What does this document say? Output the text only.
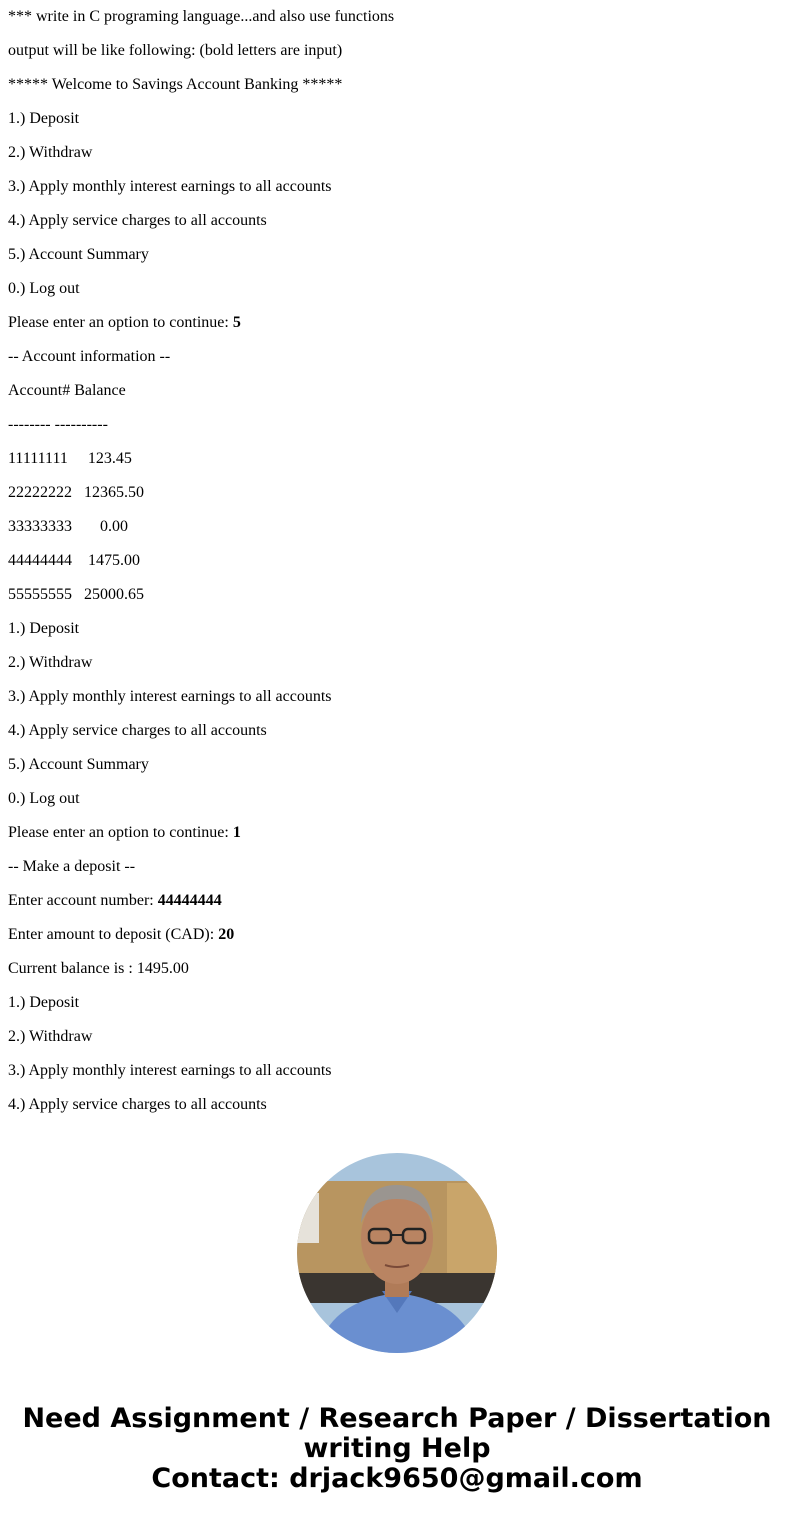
*** write in C programing language...and also use functions
output will be like following: (bold letters are input)
***** Welcome to Savings Account Banking *****
1.) Deposit
2.) Withdraw
3.) Apply monthly interest earnings to all accounts
4.) Apply service charges to all accounts
5.) Account Summary
0.) Log out
Please enter an option to continue: 5
-- Account information --
Account# Balance
-------- ----------
11111111     123.45
22222222   12365.50
33333333       0.00
44444444    1475.00
55555555   25000.65
1.) Deposit
2.) Withdraw
3.) Apply monthly interest earnings to all accounts
4.) Apply service charges to all accounts
5.) Account Summary
0.) Log out
Please enter an option to continue: 1
-- Make a deposit --
Enter account number: 44444444
Enter amount to deposit (CAD): 20
Current balance is : 1495.00
1.) Deposit
2.) Withdraw
3.) Apply monthly interest earnings to all accounts
4.) Apply service charges to all accounts
Need Assignment / Research Paper / Dissertation
writing Help
Contact: drjack9650@gmail.com
